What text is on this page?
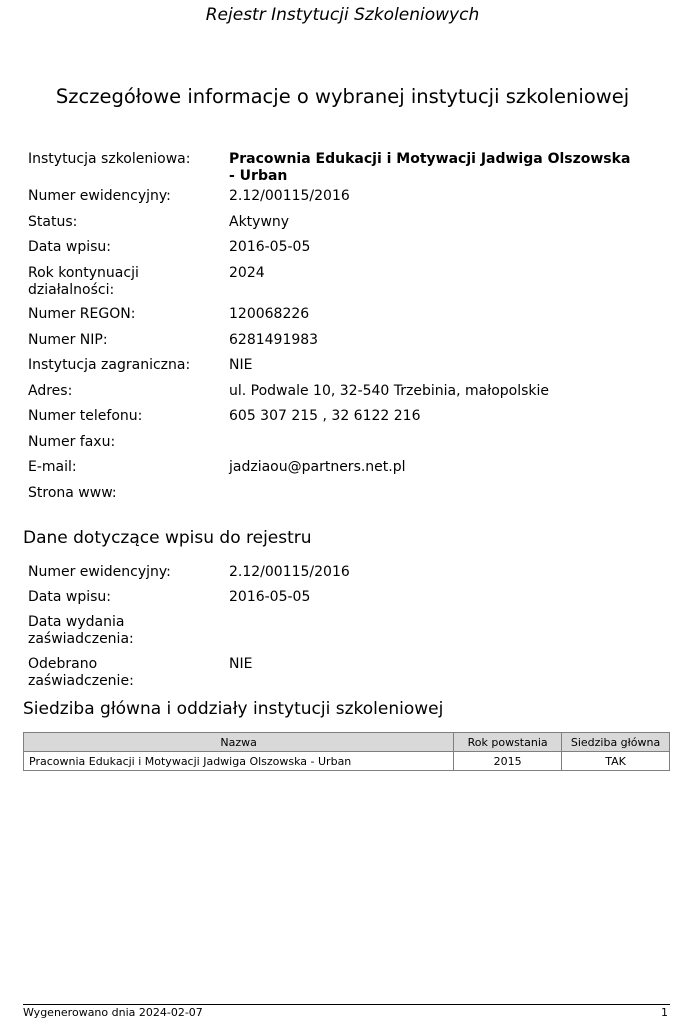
Rejestr Instytucji Szkoleniowych
Szczegółowe informacje o wybranej instytucji szkoleniowej
Instytucja szkoleniowa:	Pracownia Edukacji i Motywacji Jadwiga Olszowska - Urban
Numer ewidencyjny:	2.12/00115/2016
Status:	Aktywny
Data wpisu:	2016-05-05
Rok kontynuacji działalności:
2024
Numer REGON:	120068226
Numer NIP:	6281491983
Instytucja zagraniczna:	NIE
Adres:	ul. Podwale 10, 32-540 Trzebinia, małopolskie
Numer telefonu:	605 307 215 , 32 6122 216
Numer faxu:
E-mail:	jadziaou@partners.net.pl
Strona www:
Dane dotyczące wpisu do rejestru
Numer ewidencyjny:	2.12/00115/2016
Data wpisu:	2016-05-05
Data wydania zaświadczenia:
Odebrano zaświadczenie:
NIE
Siedziba główna i oddziały instytucji szkoleniowej
Nazwa	Rok powstania	Siedziba główna
Pracownia Edukacji i Motywacji Jadwiga Olszowska - Urban	2015	TAK
Wygenerowano dnia 2024-02-07	1
